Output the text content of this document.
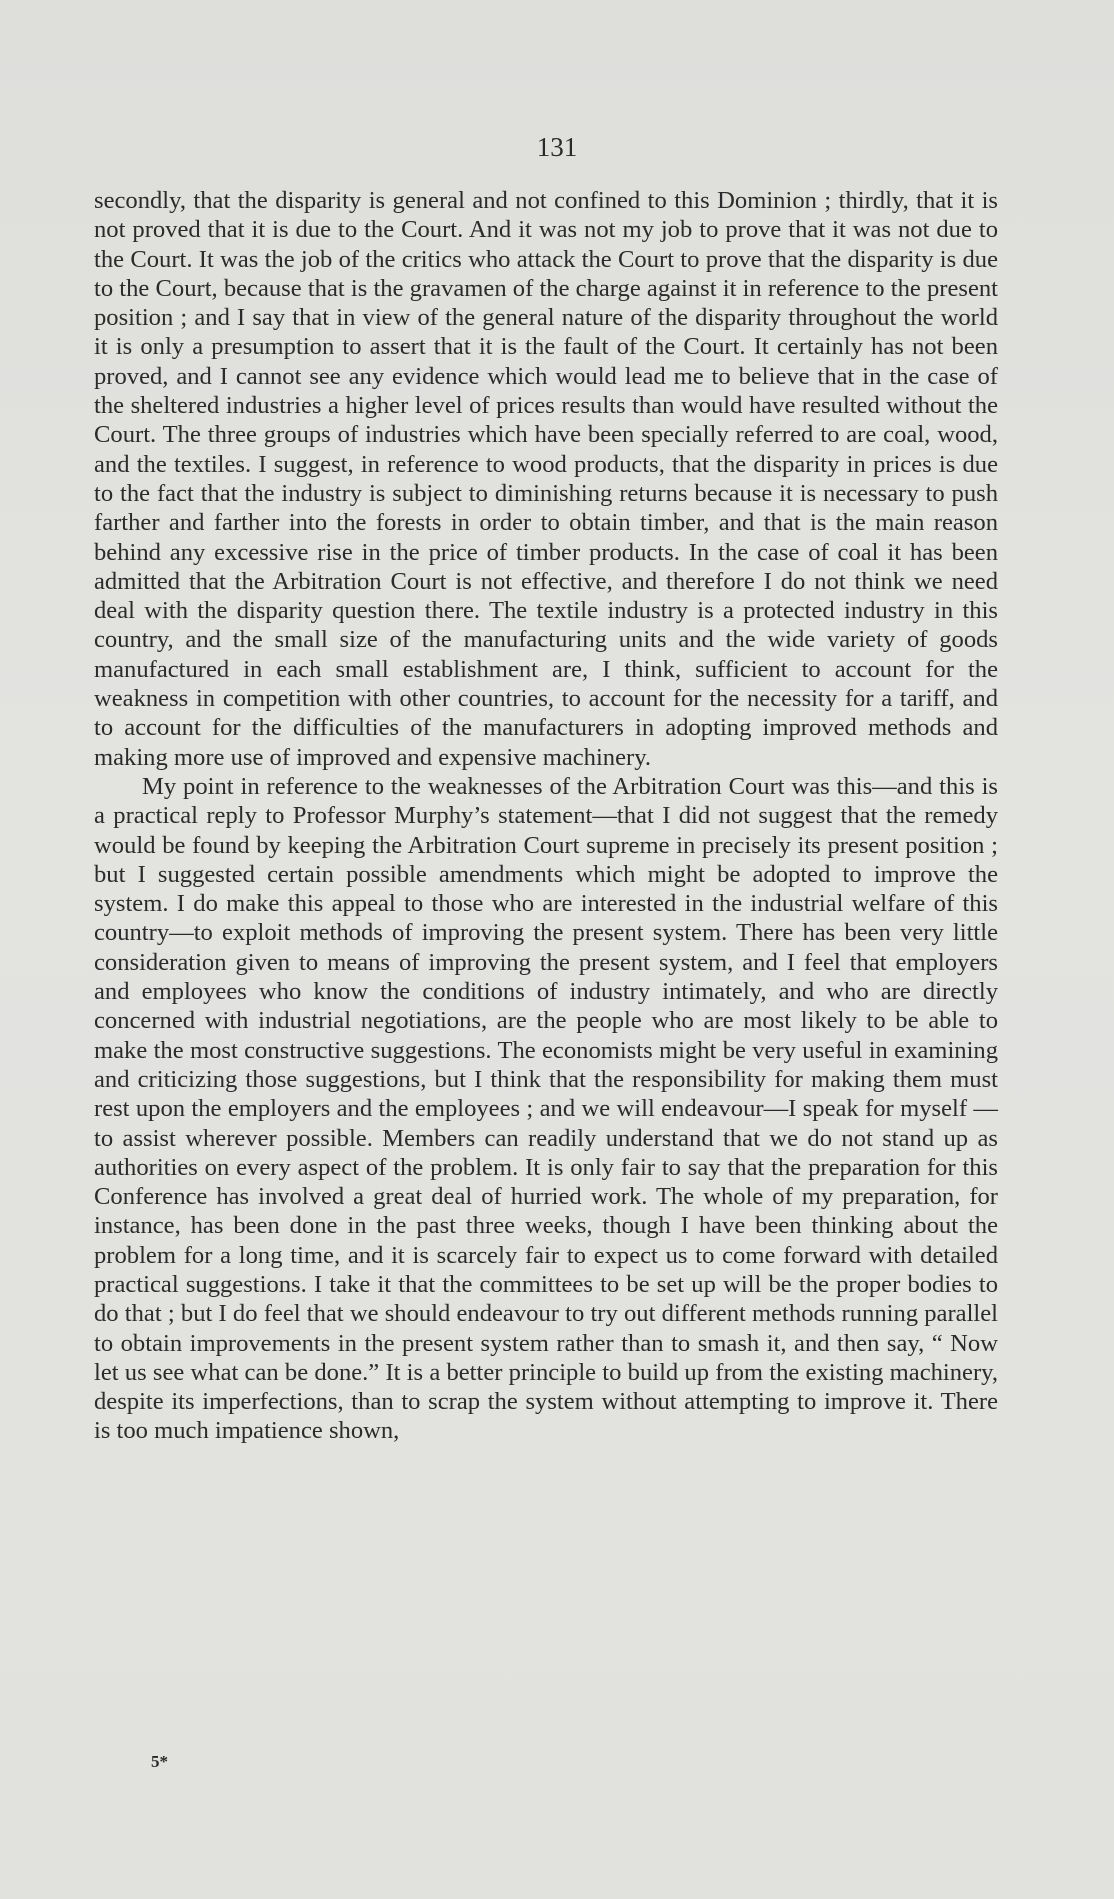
131

secondly, that the disparity is general and not confined to this Dominion ; thirdly, that it is not proved that it is due to the Court. And it was not my job to prove that it was not due to the Court. It was the job of the critics who attack the Court to prove that the disparity is due to the Court, because that is the gravamen of the charge against it in reference to the present position ; and I say that in view of the general nature of the disparity throughout the world it is only a presumption to assert that it is the fault of the Court. It certainly has not been proved, and I cannot see any evidence which would lead me to believe that in the case of the sheltered industries a higher level of prices results than would have resulted without the Court. The three groups of industries which have been specially referred to are coal, wood, and the textiles. I suggest, in reference to wood products, that the disparity in prices is due to the fact that the industry is subject to diminishing returns because it is necessary to push farther and farther into the forests in order to obtain timber, and that is the main reason behind any excessive rise in the price of timber products. In the case of coal it has been admitted that the Arbitration Court is not effective, and therefore I do not think we need deal with the disparity question there. The textile industry is a protected industry in this country, and the small size of the manufacturing units and the wide variety of goods manufactured in each small establishment are, I think, sufficient to account for the weakness in competition with other countries, to account for the necessity for a tariff, and to account for the difficulties of the manufacturers in adopting improved methods and making more use of improved and expensive machinery.

My point in reference to the weaknesses of the Arbitration Court was this—and this is a practical reply to Professor Murphy’s statement—that I did not suggest that the remedy would be found by keeping the Arbitration Court supreme in precisely its present position ; but I suggested certain possible amendments which might be adopted to improve the system. I do make this appeal to those who are interested in the industrial welfare of this country—to exploit methods of improving the present system. There has been very little consideration given to means of improving the present system, and I feel that employers and employees who know the conditions of industry intimately, and who are directly concerned with industrial negotiations, are the people who are most likely to be able to make the most constructive suggestions. The economists might be very useful in examining and criticizing those suggestions, but I think that the responsibility for making them must rest upon the employers and the employees ; and we will endeavour—I speak for myself —to assist wherever possible. Members can readily understand that we do not stand up as authorities on every aspect of the problem. It is only fair to say that the preparation for this Conference has involved a great deal of hurried work. The whole of my preparation, for instance, has been done in the past three weeks, though I have been thinking about the problem for a long time, and it is scarcely fair to expect us to come forward with detailed practical suggestions. I take it that the committees to be set up will be the proper bodies to do that ; but I do feel that we should endeavour to try out different methods running parallel to obtain improvements in the present system rather than to smash it, and then say, “ Now let us see what can be done.” It is a better principle to build up from the existing machinery, despite its imperfections, than to scrap the system without attempting to improve it. There is too much impatience shown,

5*
